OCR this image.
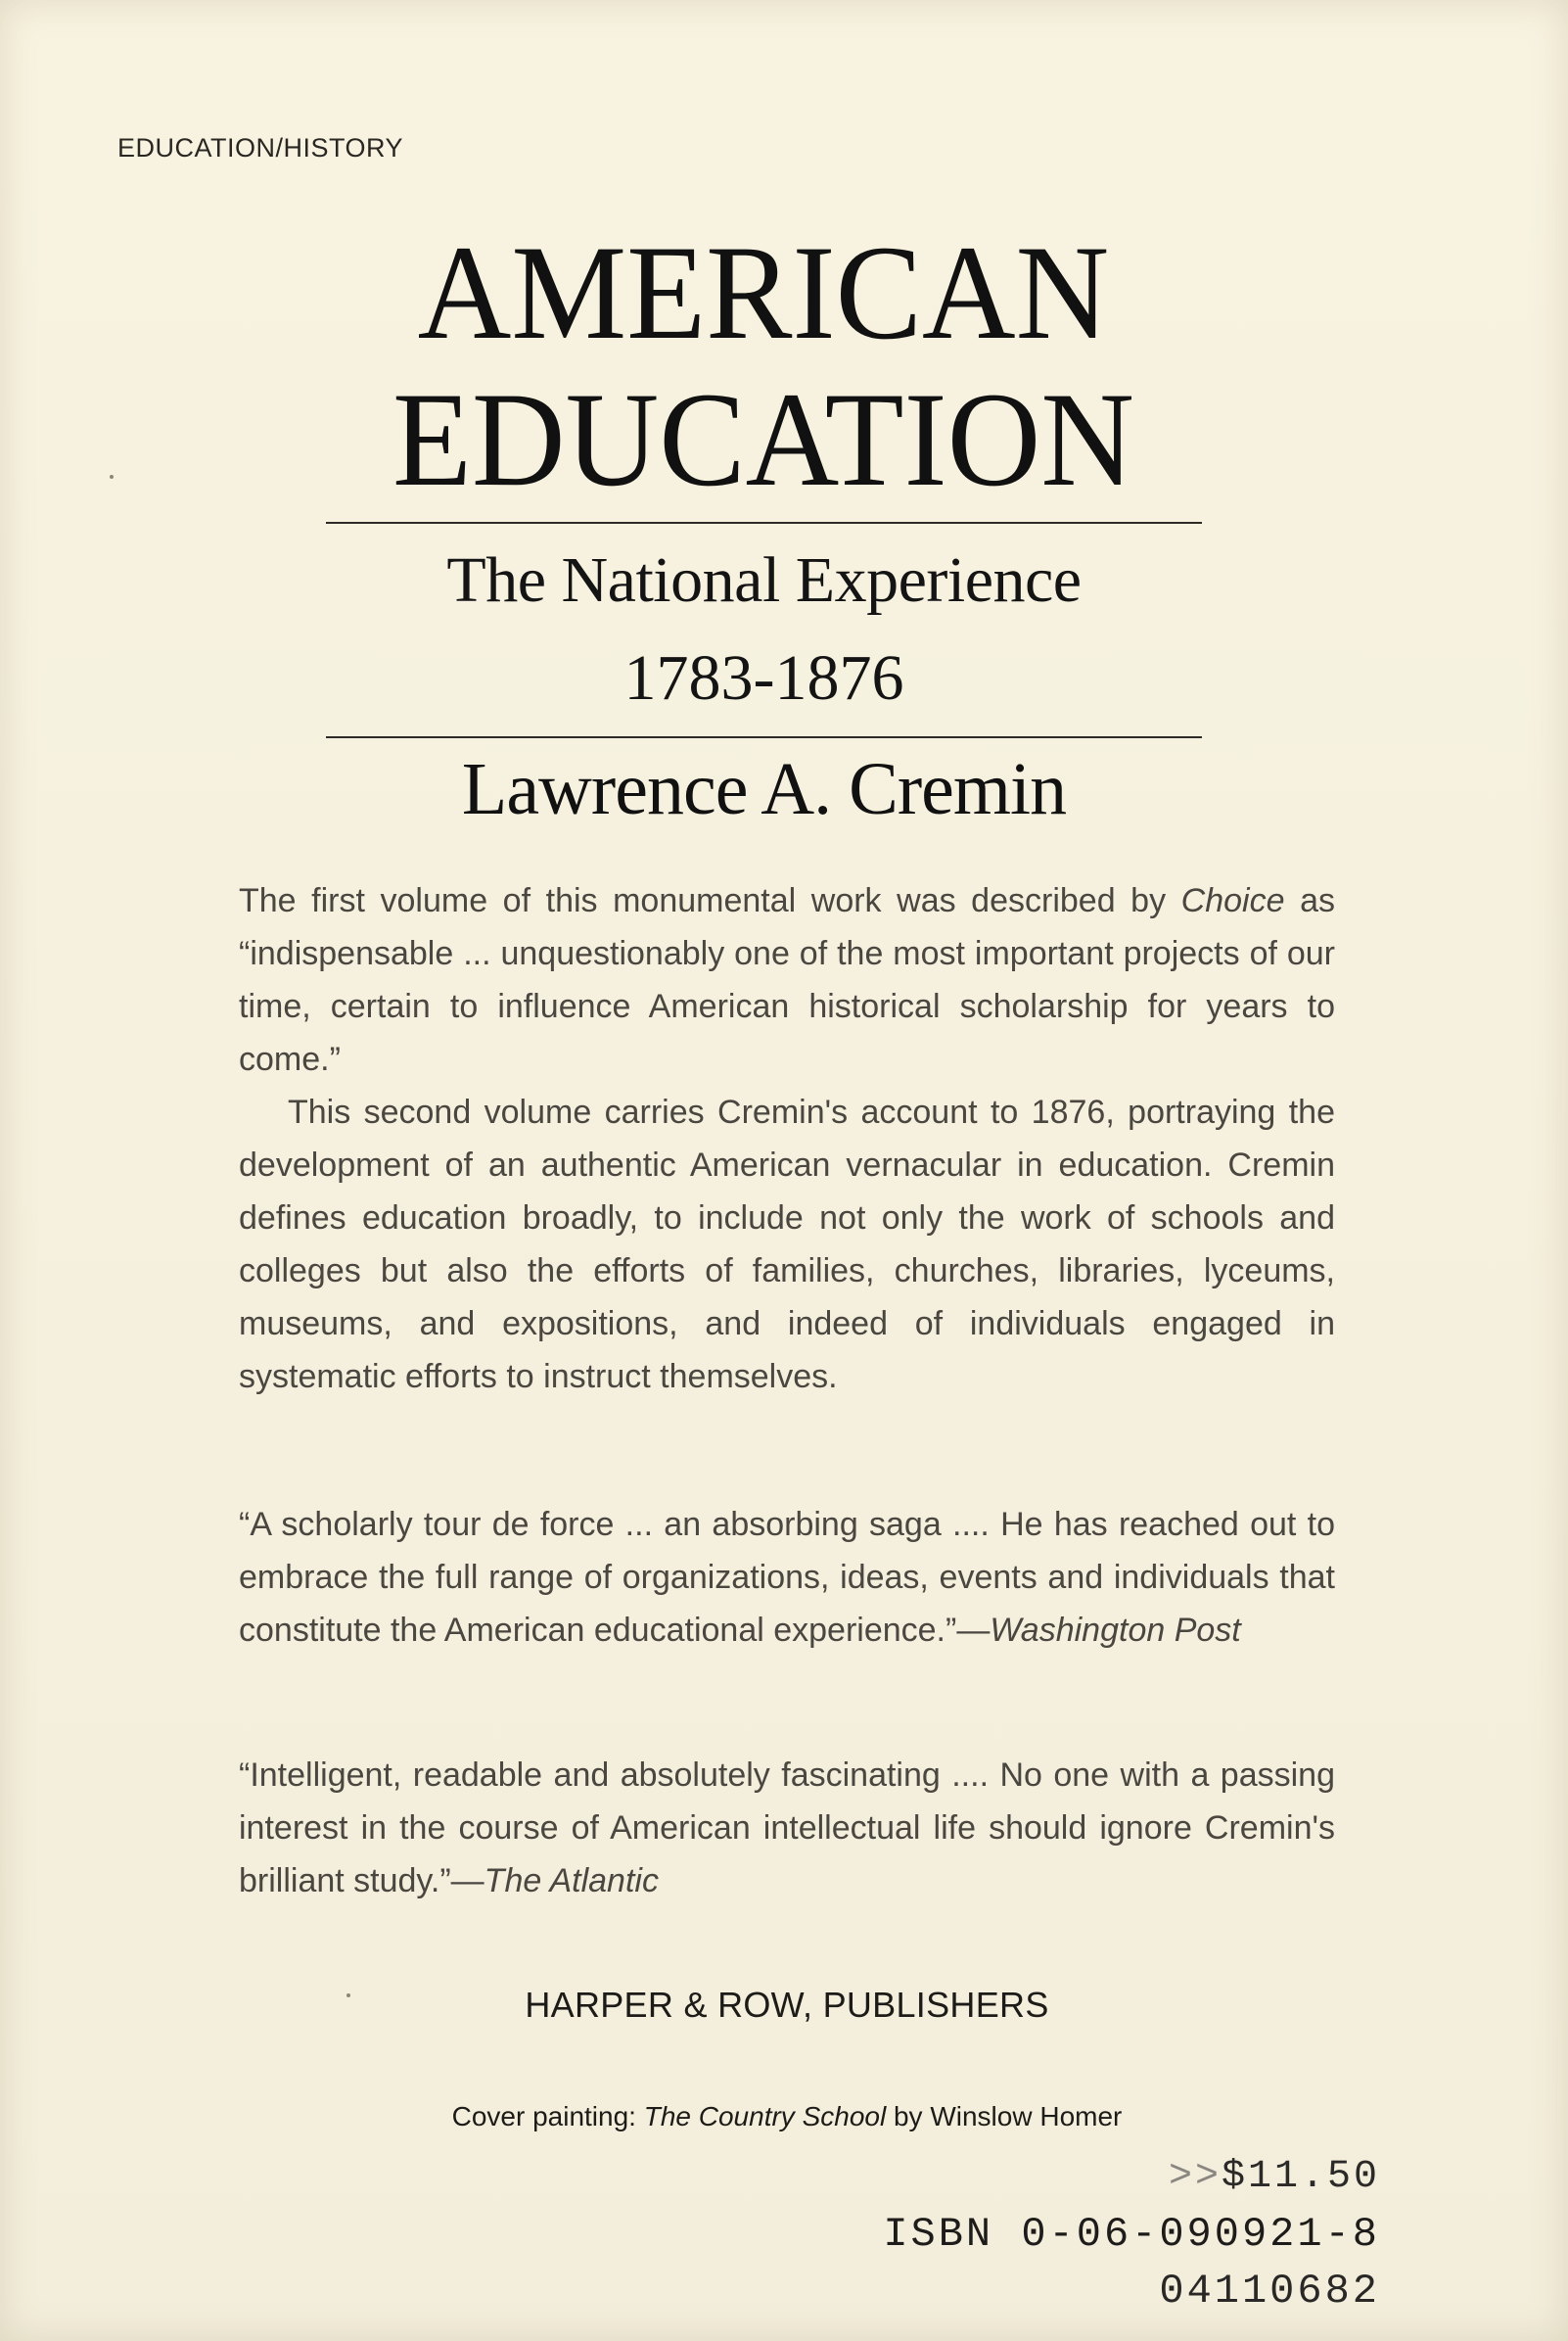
EDUCATION/HISTORY
AMERICAN
EDUCATION
The National Experience
1783-1876
Lawrence A. Cremin

The first volume of this monumental work was described by Choice as “indispensable ... unquestionably one of the most important projects of our time, certain to influence American historical scholarship for years to come.”

This second volume carries Cremin's account to 1876, portraying the development of an authentic American vernacular in education. Cremin defines education broadly, to include not only the work of schools and colleges but also the efforts of families, churches, libraries, lyceums, museums, and expositions, and indeed of individuals engaged in systematic efforts to instruct themselves.

“A scholarly tour de force ... an absorbing saga .... He has reached out to embrace the full range of organizations, ideas, events and individuals that constitute the American educational experience.”—Washington Post

“Intelligent, readable and absolutely fascinating .... No one with a passing interest in the course of American intellectual life should ignore Cremin's brilliant study.”—The Atlantic

HARPER & ROW, PUBLISHERS
Cover painting: The Country School by Winslow Homer
>>$11.50
ISBN 0-06-090921-8
04110682
